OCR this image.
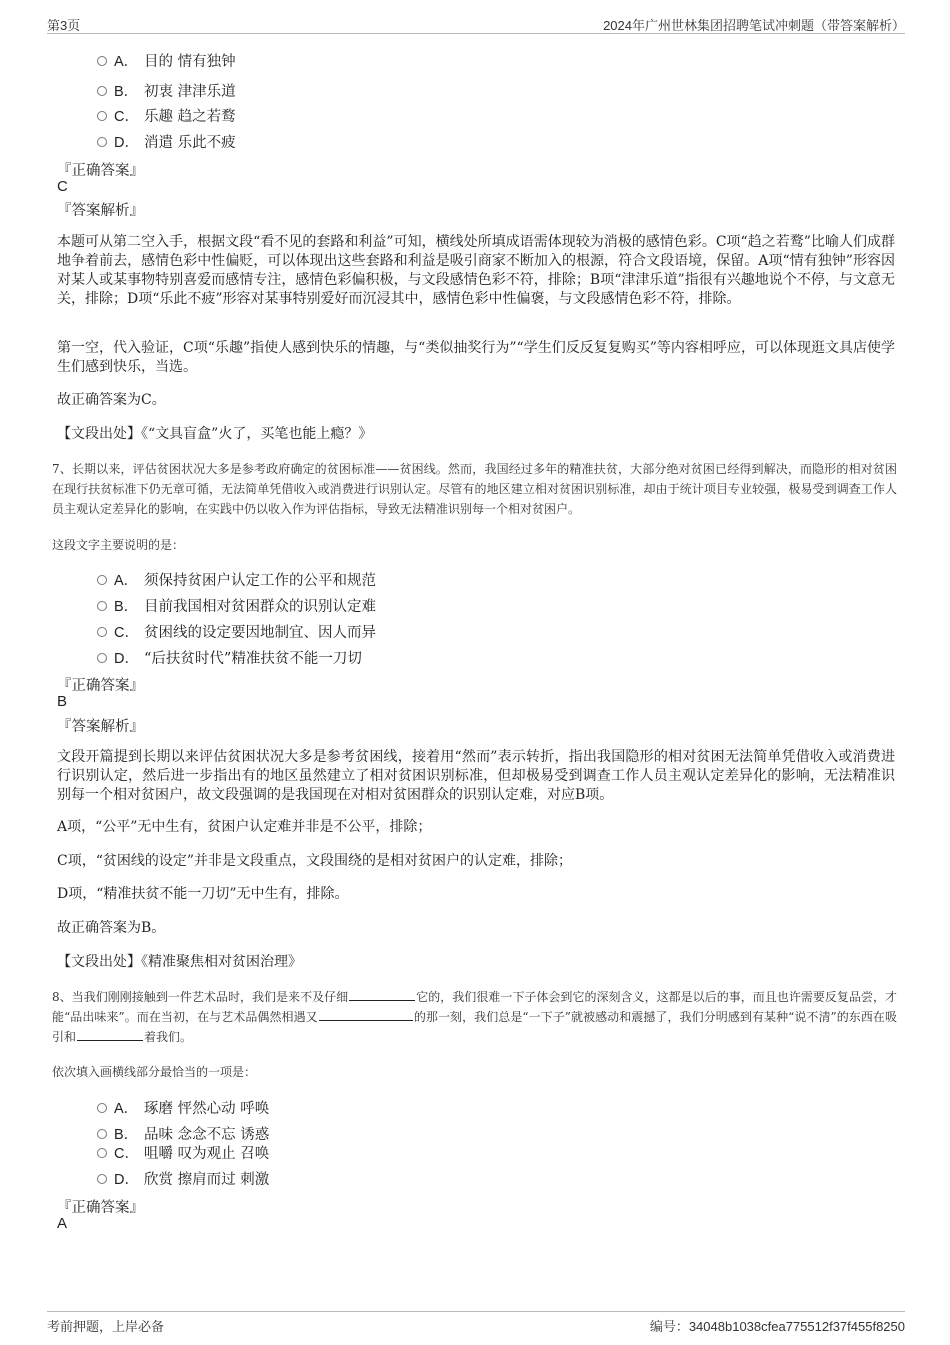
第3页	2024年广州世林集团招聘笔试冲刺题（带答案解析）
A． 目的 情有独钟
B． 初衷 津津乐道
C． 乐趣 趋之若鹜
D． 消遣 乐此不疲
『正确答案』
C
『答案解析』
本题可从第二空入手，根据文段“看不见的套路和利益”可知，横线处所填成语需体现较为消极的感情色彩。C项“趋之若鹜”比喻人们成群地争着前去，感情色彩中性偏贬，可以体现出这些套路和利益是吸引商家不断加入的根源，符合文段语境，保留。A项“情有独钟”形容因对某人或某事物特别喜爱而感情专注，感情色彩偏积极，与文段感情色彩不符，排除；B项“津津乐道”指很有兴趣地说个不停，与文意无关，排除；D项“乐此不疲”形容对某事特别爱好而沉浸其中，感情色彩中性偏褒，与文段感情色彩不符，排除。
第一空，代入验证，C项“乐趣”指使人感到快乐的情趣，与“类似抽奖行为”“学生们反反复复购买”等内容相呼应，可以体现逛文具店使学生们感到快乐，当选。
故正确答案为C。
【文段出处】《“文具盲盒”火了，买笔也能上瘾？》
7、长期以来，评估贫困状况大多是参考政府确定的贫困标准——贫困线。然而，我国经过多年的精准扶贫，大部分绝对贫困已经得到解决，而隐形的相对贫困在现行扶贫标准下仍无章可循，无法简单凭借收入或消费进行识别认定。尽管有的地区建立相对贫困识别标准，却由于统计项目专业较强，极易受到调查工作人员主观认定差异化的影响，在实践中仍以收入作为评估指标，导致无法精准识别每一个相对贫困户。
这段文字主要说明的是：
A． 须保持贫困户认定工作的公平和规范
B． 目前我国相对贫困群众的识别认定难
C． 贫困线的设定要因地制宜、因人而异
D． “后扶贫时代”精准扶贫不能一刀切
『正确答案』
B
『答案解析』
文段开篇提到长期以来评估贫困状况大多是参考贫困线，接着用“然而”表示转折，指出我国隐形的相对贫困无法简单凭借收入或消费进行识别认定，然后进一步指出有的地区虽然建立了相对贫困识别标准，但却极易受到调查工作人员主观认定差异化的影响，无法精准识别每一个相对贫困户，故文段强调的是我国现在对相对贫困群众的识别认定难，对应B项。
A项，“公平”无中生有，贫困户认定难并非是不公平，排除；
C项，“贫困线的设定”并非是文段重点，文段围绕的是相对贫困户的认定难，排除；
D项，“精准扶贫不能一刀切”无中生有，排除。
故正确答案为B。
【文段出处】《精准聚焦相对贫困治理》
8、当我们刚刚接触到一件艺术品时，我们是来不及仔细	它的，我们很难一下子体会到它的深刻含义，这都是以后的事，而且也许需要反复品尝，才能“品出味来”。而在当初，在与艺术品偶然相遇又	的那一刻，我们总是“一下子”就被感动和震撼了，我们分明感到有某种“说不清”的东西在吸引和	着我们。
依次填入画横线部分最恰当的一项是：
A． 琢磨 怦然心动 呼唤
B． 品味 念念不忘 诱惑
C． 咀嚼 叹为观止 召唤
D． 欣赏 擦肩而过 刺激
『正确答案』
A
考前押题，上岸必备	编号：34048b1038cfea775512f37f455f8250
